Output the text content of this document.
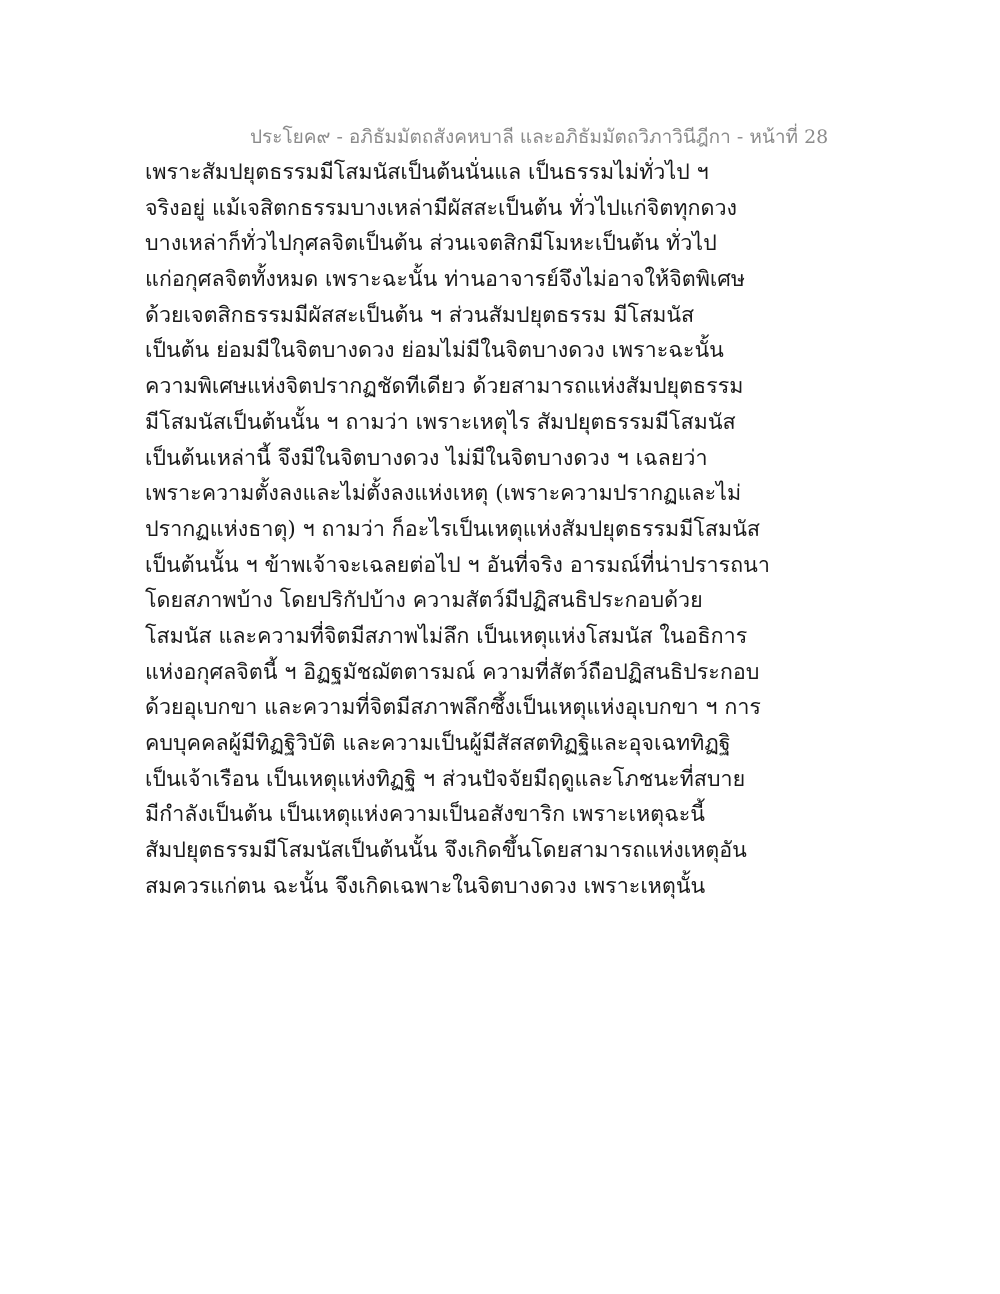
ประโยค๙ - อภิธัมมัตถสังคหบาลี และอภิธัมมัตถวิภาวินีฎีกา - หน้าที่ 28
เพราะสัมปยุตธรรมมีโสมนัสเป็นต้นนั่นแล เป็นธรรมไม่ทั่วไป ฯ
จริงอยู่ แม้เจสิตกธรรมบางเหล่ามีผัสสะเป็นต้น ทั่วไปแก่จิตทุกดวง
บางเหล่าก็ทั่วไปกุศลจิตเป็นต้น ส่วนเจตสิกมีโมหะเป็นต้น ทั่วไป
แก่อกุศลจิตทั้งหมด เพราะฉะนั้น ท่านอาจารย์จึงไม่อาจให้จิตพิเศษ
ด้วยเจตสิกธรรมมีผัสสะเป็นต้น ฯ ส่วนสัมปยุตธรรม มีโสมนัส
เป็นต้น ย่อมมีในจิตบางดวง ย่อมไม่มีในจิตบางดวง เพราะฉะนั้น
ความพิเศษแห่งจิตปรากฏชัดทีเดียว ด้วยสามารถแห่งสัมปยุตธรรม
มีโสมนัสเป็นต้นนั้น ฯ ถามว่า เพราะเหตุไร สัมปยุตธรรมมีโสมนัส
เป็นต้นเหล่านี้ จึงมีในจิตบางดวง ไม่มีในจิตบางดวง ฯ เฉลยว่า
เพราะความตั้งลงและไม่ตั้งลงแห่งเหตุ (เพราะความปรากฏและไม่
ปรากฏแห่งธาตุ) ฯ ถามว่า ก็อะไรเป็นเหตุแห่งสัมปยุตธรรมมีโสมนัส
เป็นต้นนั้น ฯ ข้าพเจ้าจะเฉลยต่อไป ฯ อันที่จริง อารมณ์ที่น่าปรารถนา
โดยสภาพบ้าง โดยปริกัปบ้าง ความสัตว์มีปฏิสนธิประกอบด้วย
โสมนัส และความที่จิตมีสภาพไม่ลึก เป็นเหตุแห่งโสมนัส ในอธิการ
แห่งอกุศลจิตนี้ ฯ อิฏฐมัชฌัตตารมณ์ ความที่สัตว์ถือปฏิสนธิประกอบ
ด้วยอุเบกขา และความที่จิตมีสภาพลึกซึ้งเป็นเหตุแห่งอุเบกขา ฯ การ
คบบุคคลผู้มีทิฏฐิวิบัติ และความเป็นผู้มีสัสสตทิฏฐิและอุจเฉททิฏฐิ
เป็นเจ้าเรือน เป็นเหตุแห่งทิฏฐิ ฯ ส่วนปัจจัยมีฤดูและโภชนะที่สบาย
มีกำลังเป็นต้น เป็นเหตุแห่งความเป็นอสังขาริก เพราะเหตุฉะนี้
สัมปยุตธรรมมีโสมนัสเป็นต้นนั้น จึงเกิดขึ้นโดยสามารถแห่งเหตุอัน
สมควรแก่ตน ฉะนั้น จึงเกิดเฉพาะในจิตบางดวง เพราะเหตุนั้น
